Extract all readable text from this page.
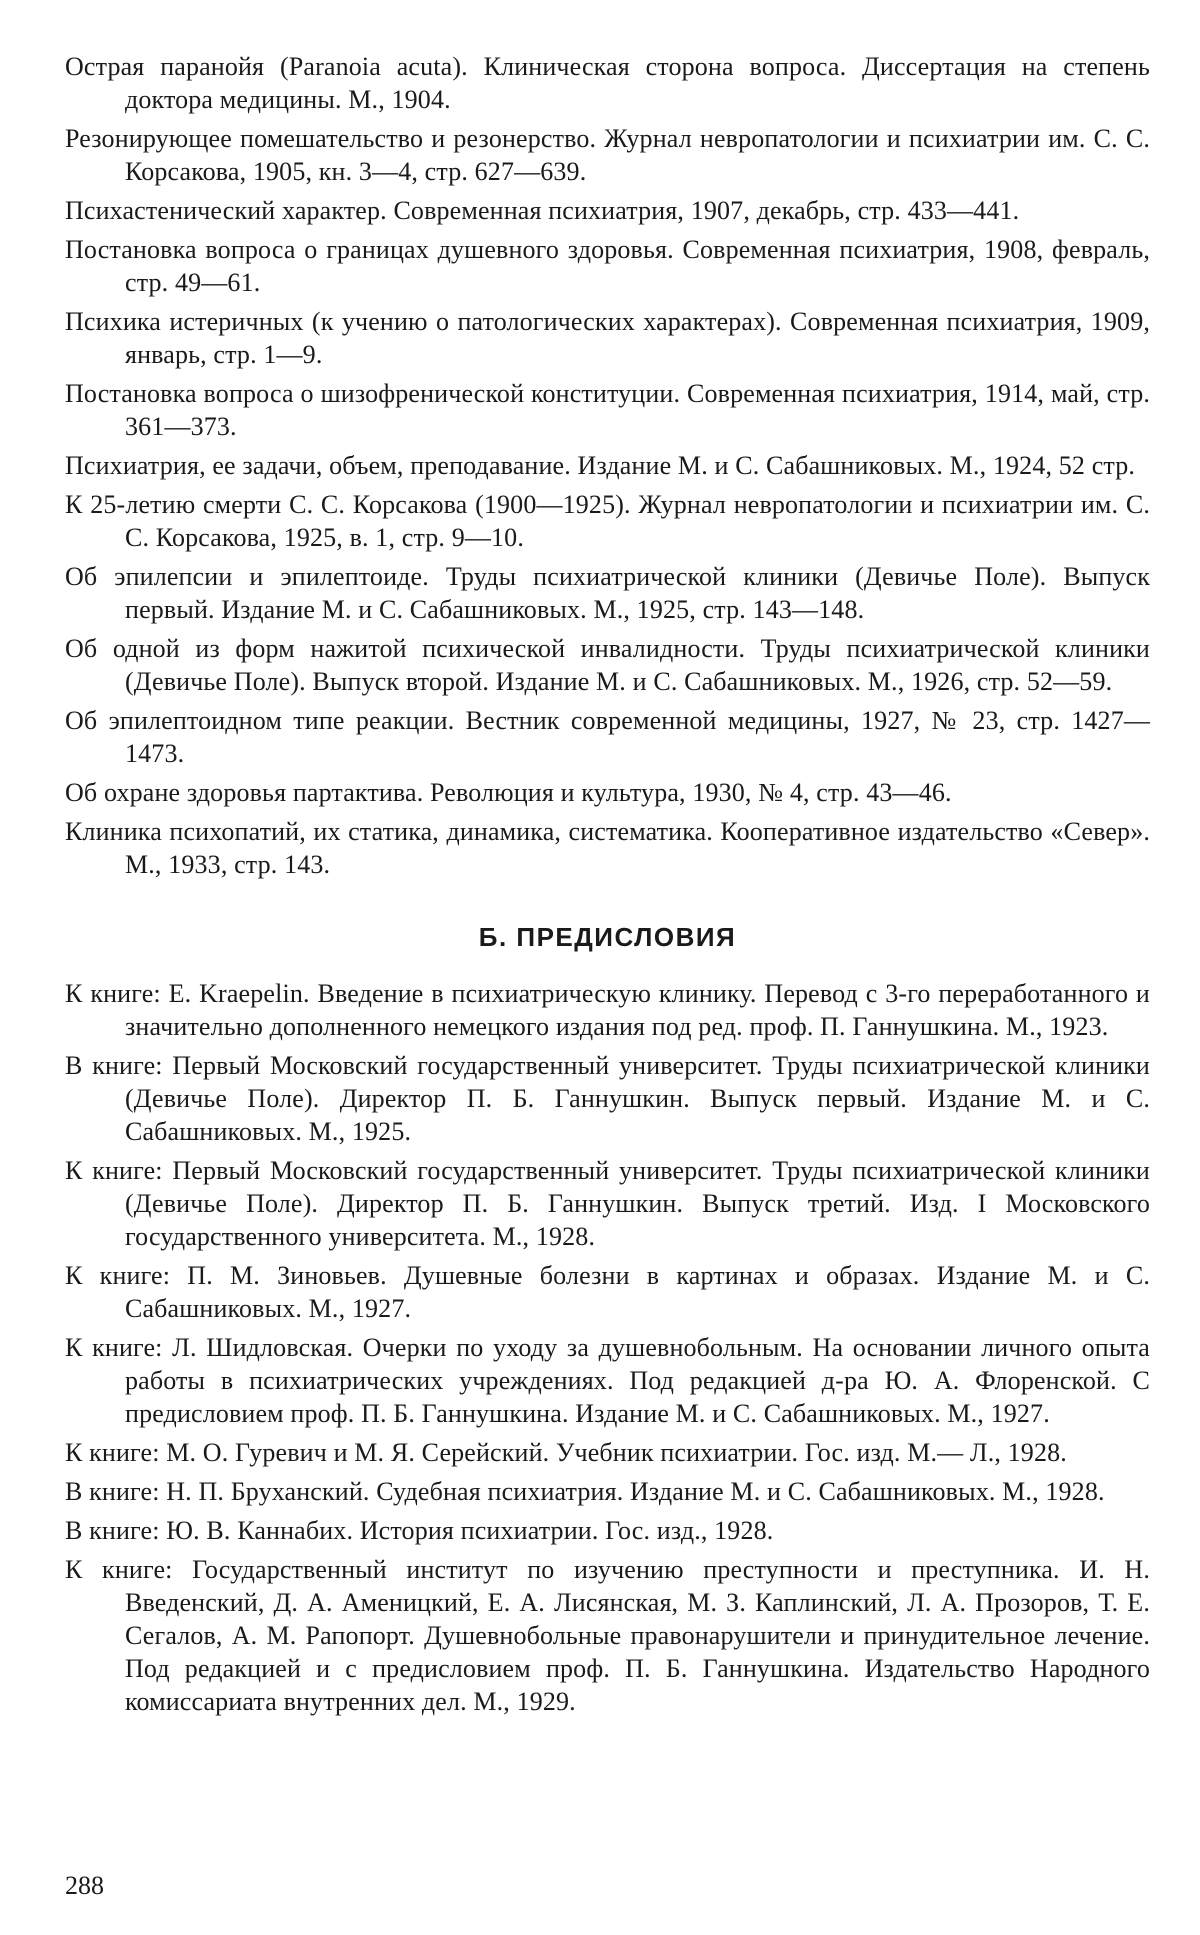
Острая паранойя (Paranoia acuta). Клиническая сторона вопроса. Диссертация на степень доктора медицины. М., 1904.

Резонирующее помешательство и резонерство. Журнал невропатологии и психиатрии им. С. С. Корсакова, 1905, кн. 3—4, стр. 627—639.

Психастенический характер. Современная психиатрия, 1907, декабрь, стр. 433—441.

Постановка вопроса о границах душевного здоровья. Современная психиатрия, 1908, февраль, стр. 49—61.

Психика истеричных (к учению о патологических характерах). Современная психиатрия, 1909, январь, стр. 1—9.

Постановка вопроса о шизофренической конституции. Современная психиатрия, 1914, май, стр. 361—373.

Психиатрия, ее задачи, объем, преподавание. Издание М. и С. Сабашниковых. М., 1924, 52 стр.

К 25-летию смерти С. С. Корсакова (1900—1925). Журнал невропатологии и психиатрии им. С. С. Корсакова, 1925, в. 1, стр. 9—10.

Об эпилепсии и эпилептоиде. Труды психиатрической клиники (Девичье Поле). Выпуск первый. Издание М. и С. Сабашниковых. М., 1925, стр. 143—148.

Об одной из форм нажитой психической инвалидности. Труды психиатрической клиники (Девичье Поле). Выпуск второй. Издание М. и С. Сабашниковых. М., 1926, стр. 52—59.

Об эпилептоидном типе реакции. Вестник современной медицины, 1927, № 23, стр. 1427—1473.

Об охране здоровья партактива. Революция и культура, 1930, № 4, стр. 43—46.

Клиника психопатий, их статика, динамика, систематика. Кооперативное издательство «Север». М., 1933, стр. 143.

Б. ПРЕДИСЛОВИЯ

К книге: E. Kraepelin. Введение в психиатрическую клинику. Перевод с 3-го переработанного и значительно дополненного немецкого издания под ред. проф. П. Ганнушкина. М., 1923.

В книге: Первый Московский государственный университет. Труды психиатрической клиники (Девичье Поле). Директор П. Б. Ганнушкин. Выпуск первый. Издание М. и С. Сабашниковых. М., 1925.

К книге: Первый Московский государственный университет. Труды психиатрической клиники (Девичье Поле). Директор П. Б. Ганнушкин. Выпуск третий. Изд. I Московского государственного университета. М., 1928.

К книге: П. М. Зиновьев. Душевные болезни в картинах и образах. Издание М. и С. Сабашниковых. М., 1927.

К книге: Л. Шидловская. Очерки по уходу за душевнобольным. На основании личного опыта работы в психиатрических учреждениях. Под редакцией д-ра Ю. А. Флоренской. С предисловием проф. П. Б. Ганнушкина. Издание М. и С. Сабашниковых. М., 1927.

К книге: М. О. Гуревич и М. Я. Серейский. Учебник психиатрии. Гос. изд. М.— Л., 1928.

В книге: Н. П. Бруханский. Судебная психиатрия. Издание М. и С. Сабашниковых. М., 1928.

В книге: Ю. В. Каннабих. История психиатрии. Гос. изд., 1928.

К книге: Государственный институт по изучению преступности и преступника. И. Н. Введенский, Д. А. Аменицкий, Е. А. Лисянская, М. З. Каплинский, Л. А. Прозоров, Т. Е. Сегалов, А. М. Рапопорт. Душевнобольные правонарушители и принудительное лечение. Под редакцией и с предисловием проф. П. Б. Ганнушкина. Издательство Народного комиссариата внутренних дел. М., 1929.

288
